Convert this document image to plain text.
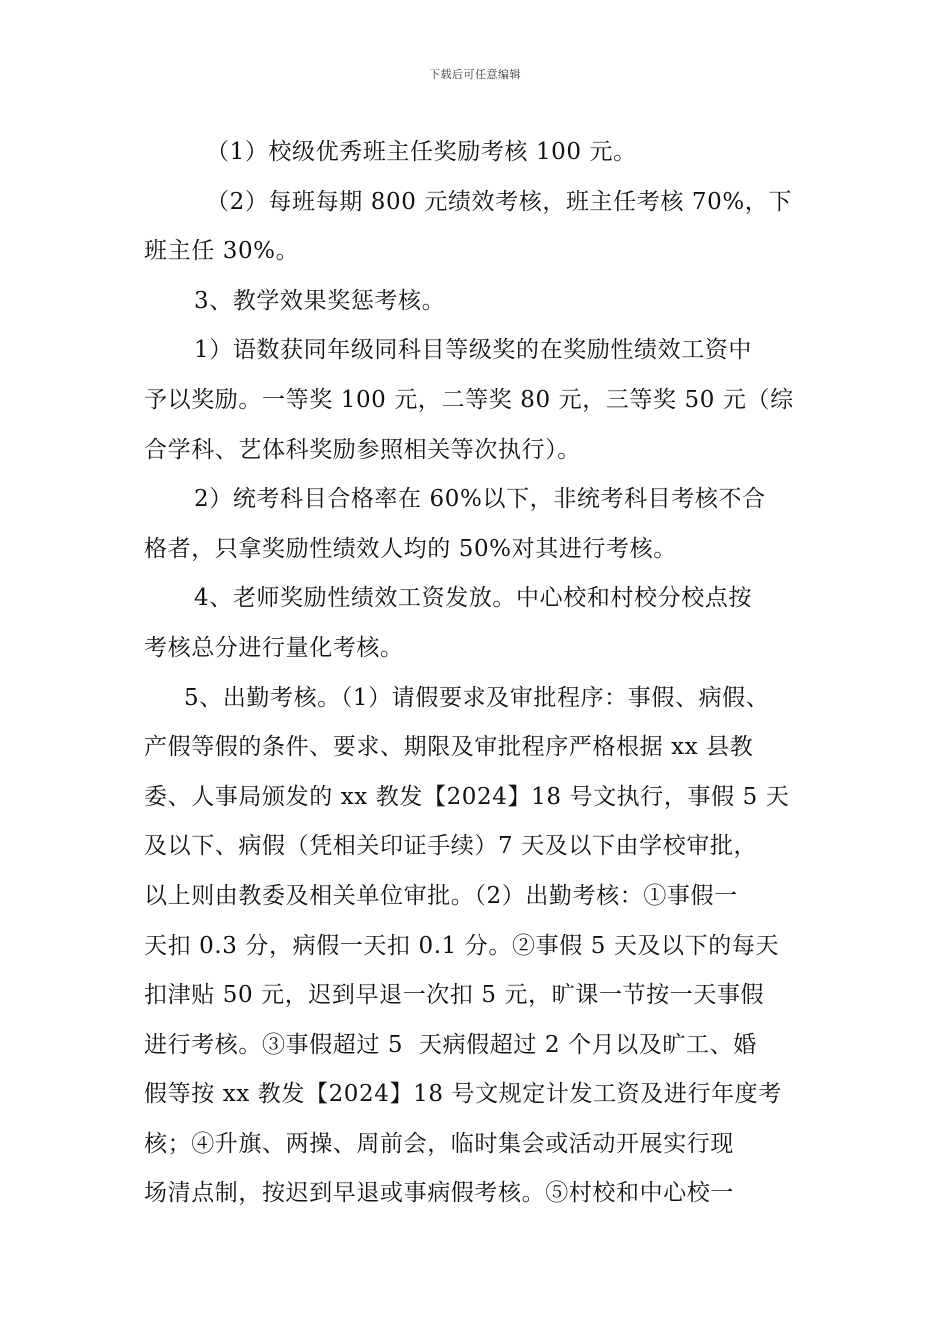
下载后可任意编辑
（1）校级优秀班主任奖励考核 100 元。
（2）每班每期 800 元绩效考核，班主任考核 70%，下
班主任 30%。
3、教学效果奖惩考核。
1）语数获同年级同科目等级奖的在奖励性绩效工资中
予以奖励。一等奖 100 元，二等奖 80 元，三等奖 50 元（综
合学科、艺体科奖励参照相关等次执行）。
2）统考科目合格率在 60%以下，非统考科目考核不合
格者，只拿奖励性绩效人均的 50%对其进行考核。
4、老师奖励性绩效工资发放。中心校和村校分校点按
考核总分进行量化考核。
5、出勤考核。（1）请假要求及审批程序：事假、病假、
产假等假的条件、要求、期限及审批程序严格根据 xx 县教
委、人事局颁发的 xx 教发【2024】18 号文执行，事假 5 天
及以下、病假（凭相关印证手续）7 天及以下由学校审批，
以上则由教委及相关单位审批。（2）出勤考核：①事假一
天扣 0.3 分，病假一天扣 0.1 分。②事假 5 天及以下的每天
扣津贴 50 元，迟到早退一次扣 5 元，旷课一节按一天事假
进行考核。③事假超过 5  天病假超过 2 个月以及旷工、婚
假等按 xx 教发【2024】18 号文规定计发工资及进行年度考
核；④升旗、两操、周前会，临时集会或活动开展实行现
场清点制，按迟到早退或事病假考核。⑤村校和中心校一
